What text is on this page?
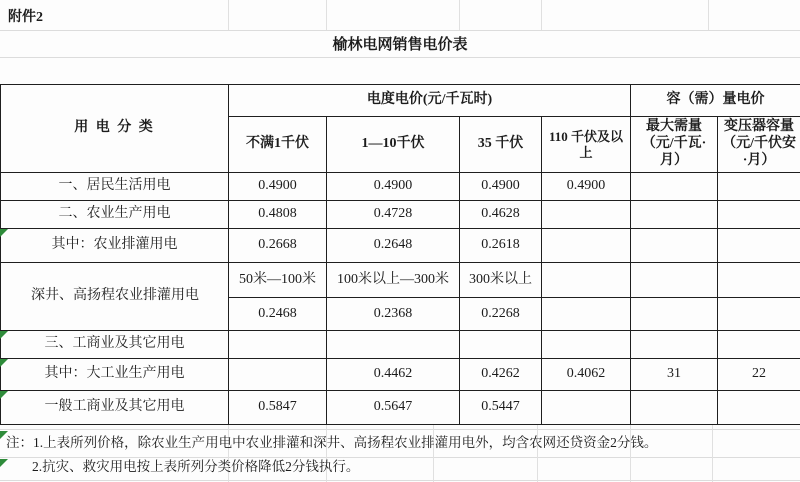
附件2
榆林电网销售电价表
用 电 分 类	电度电价(元/千瓦时)				容（需）量电价	
	不满1千伏	1—10千伏	35 千伏	110 千伏及以上	最大需量（元/千瓦·月）	变压器容量（元/千伏安·月）
一、居民生活用电	0.4900	0.4900	0.4900	0.4900		
二、农业生产用电	0.4808	0.4728	0.4628			
其中：农业排灌用电	0.2668	0.2648	0.2618			
深井、高扬程农业排灌用电	50米—100米	100米以上—300米	300米以上			
	0.2468	0.2368	0.2268			
三、工商业及其它用电						
其中：大工业生产用电		0.4462	0.4262	0.4062	31	22
一般工商业及其它用电	0.5847	0.5647	0.5447			
注：1.上表所列价格，除农业生产用电中农业排灌和深井、高扬程农业排灌用电外，均含农网还贷资金2分钱。
2.抗灾、救灾用电按上表所列分类价格降低2分钱执行。
